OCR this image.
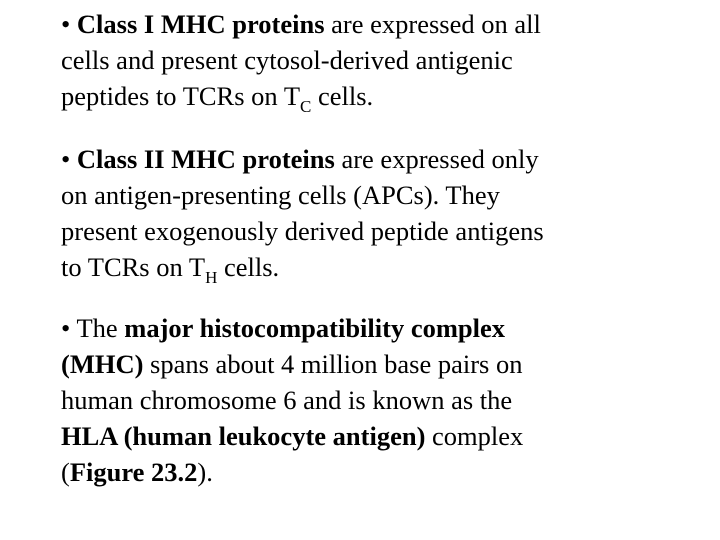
• Class I MHC proteins are expressed on all
cells and present cytosol-derived antigenic
peptides to TCRs on $T_C$ cells.

• Class II MHC proteins are expressed only
on antigen-presenting cells (APCs). They
present exogenously derived peptide antigens
to TCRs on $T_H$ cells.

• The major histocompatibility complex
(MHC) spans about 4 million base pairs on
human chromosome 6 and is known as the
HLA (human leukocyte antigen) complex
(Figure 23.2).
